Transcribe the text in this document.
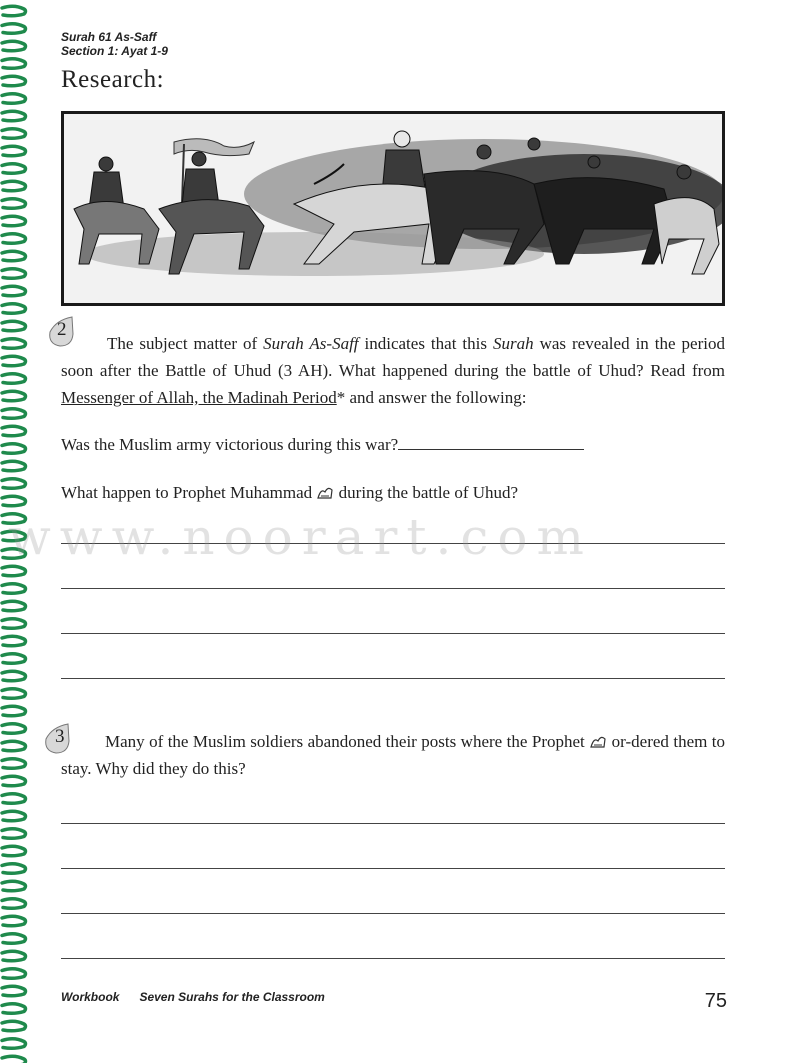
Surah 61 As-Saff
Section 1: Ayat 1-9
Research:
2
The subject matter of Surah As-Saff indicates that this Surah was revealed in the period soon after the Battle of Uhud (3 AH). What happened during the battle of Uhud? Read from Messenger of Allah, the Madinah Period* and answer the following:
Was the Muslim army victorious during this war?
What happen to Prophet Muhammad during the battle of Uhud?
3	Many of the Muslim soldiers abandoned their posts where the Prophet or-dered them to stay. Why did they do this?
www.noorart.com
Workbook Seven Surahs for the Classroom	75
